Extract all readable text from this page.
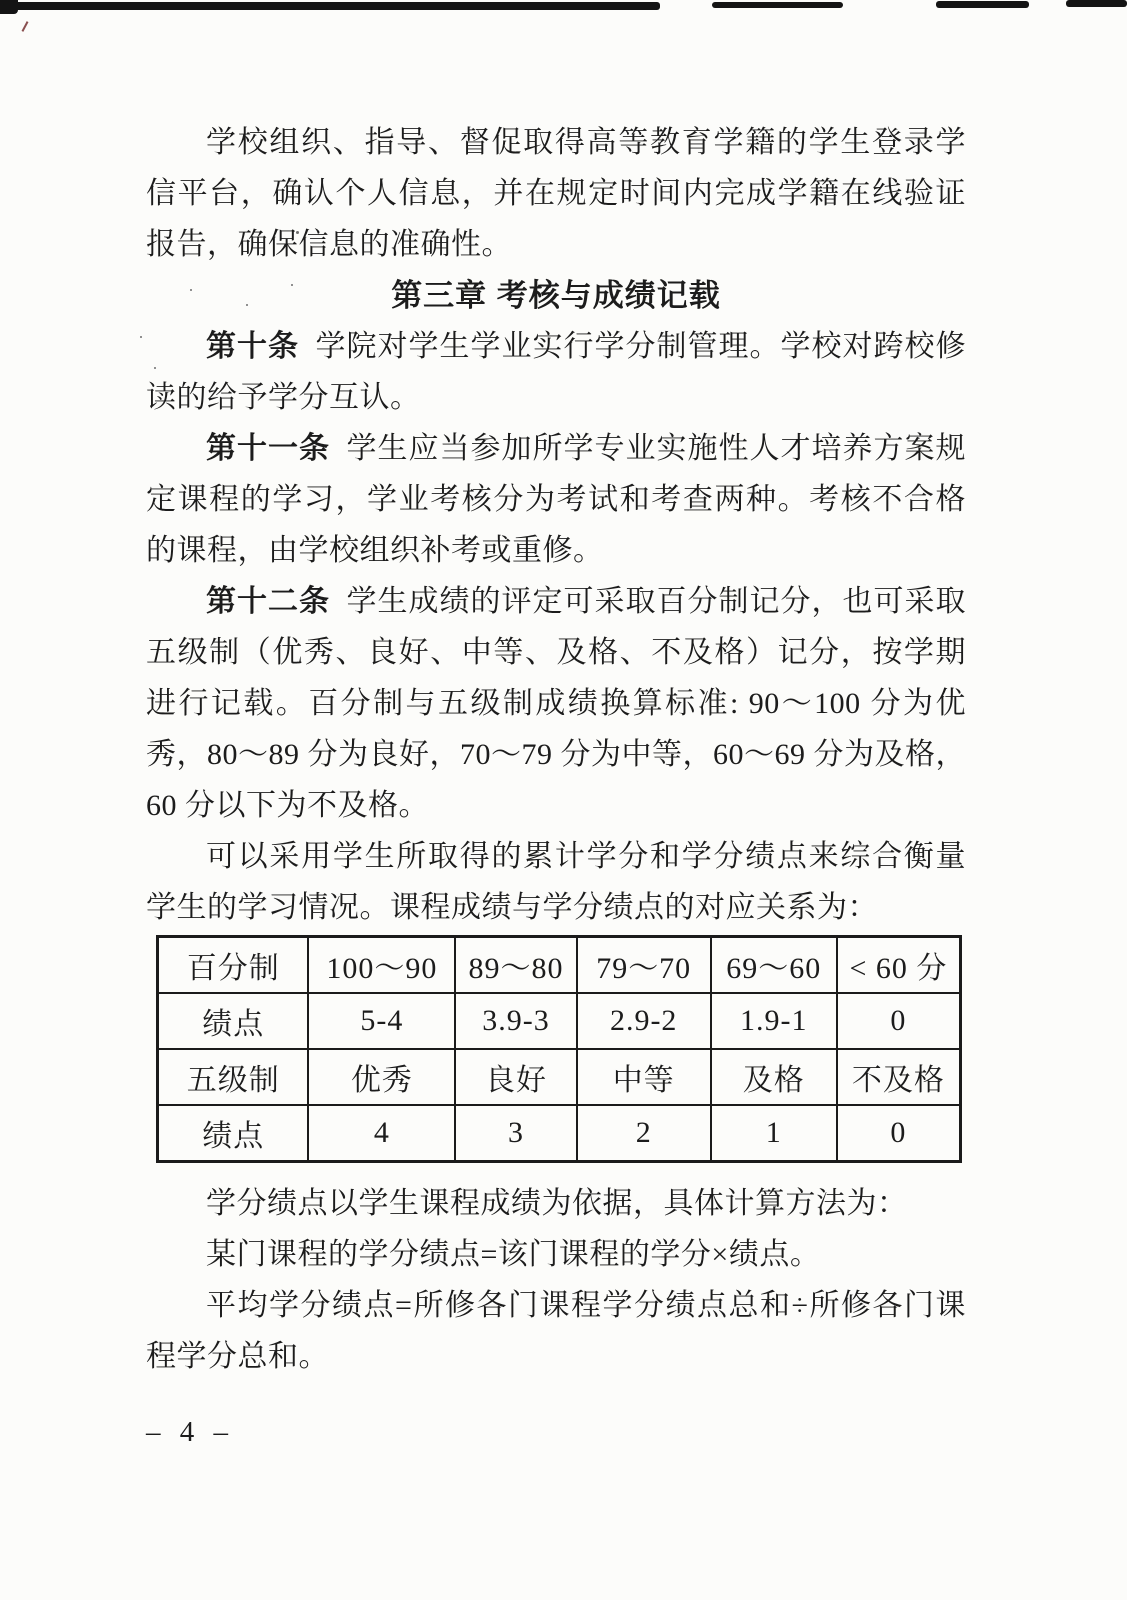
学校组织、指导、督促取得高等教育学籍的学生登录学信平台，确认个人信息，并在规定时间内完成学籍在线验证报告，确保信息的准确性。

第三章 考核与成绩记载

第十条 学院对学生学业实行学分制管理。学校对跨校修读的给予学分互认。

第十一条 学生应当参加所学专业实施性人才培养方案规定课程的学习，学业考核分为考试和考查两种。考核不合格的课程，由学校组织补考或重修。

第十二条 学生成绩的评定可采取百分制记分，也可采取五级制（优秀、良好、中等、及格、不及格）记分，按学期进行记载。百分制与五级制成绩换算标准: 90～100 分为优秀，80～89 分为良好，70～79 分为中等，60～69 分为及格，60 分以下为不及格。

可以采用学生所取得的累计学分和学分绩点来综合衡量学生的学习情况。课程成绩与学分绩点的对应关系为：

百分制	100～90	89～80	79～70	69～60	< 60 分
绩点	5-4	3.9-3	2.9-2	1.9-1	0
五级制	优秀	良好	中等	及格	不及格
绩点	4	3	2	1	0

学分绩点以学生课程成绩为依据，具体计算方法为：

某门课程的学分绩点=该门课程的学分×绩点。

平均学分绩点=所修各门课程学分绩点总和÷所修各门课程学分总和。

– 4 –
